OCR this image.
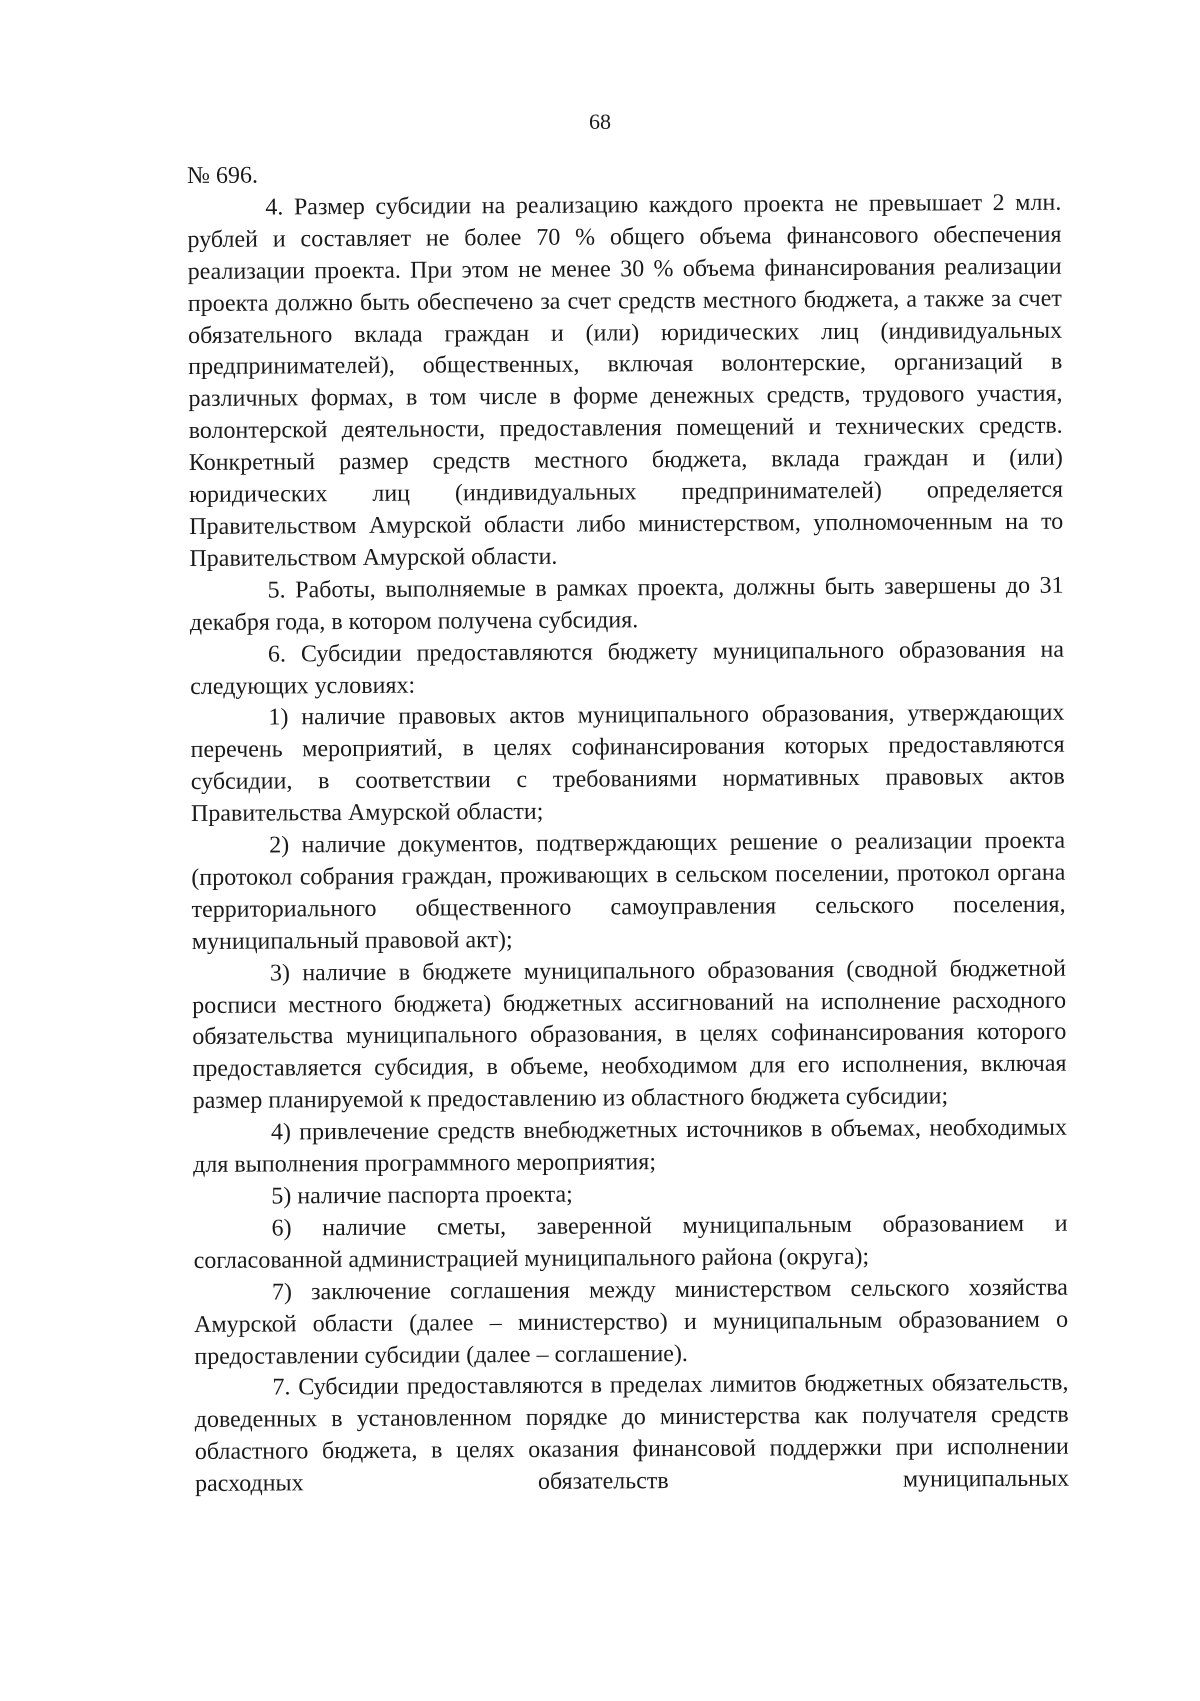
68

№ 696.

4. Размер субсидии на реализацию каждого проекта не превышает 2 млн. рублей и составляет не более 70 % общего объема финансового обеспечения реализации проекта. При этом не менее 30 % объема финансирования реализации проекта должно быть обеспечено за счет средств местного бюджета, а также за счет обязательного вклада граждан и (или) юридических лиц (индивидуальных предпринимателей), общественных, включая волонтерские, организаций в различных формах, в том числе в форме денежных средств, трудового участия, волонтерской деятельности, предоставления помещений и технических средств. Конкретный размер средств местного бюджета, вклада граждан и (или) юридических лиц (индивидуальных предпринимателей) определяется Правительством Амурской области либо министерством, уполномоченным на то Правительством Амурской области.

5. Работы, выполняемые в рамках проекта, должны быть завершены до 31 декабря года, в котором получена субсидия.

6. Субсидии предоставляются бюджету муниципального образования на следующих условиях:

1) наличие правовых актов муниципального образования, утверждающих перечень мероприятий, в целях софинансирования которых предоставляются субсидии, в соответствии с требованиями нормативных правовых актов Правительства Амурской области;

2) наличие документов, подтверждающих решение о реализации проекта (протокол собрания граждан, проживающих в сельском поселении, протокол органа территориального общественного самоуправления сельского поселения, муниципальный правовой акт);

3) наличие в бюджете муниципального образования (сводной бюджетной росписи местного бюджета) бюджетных ассигнований на исполнение расходного обязательства муниципального образования, в целях софинансирования которого предоставляется субсидия, в объеме, необходимом для его исполнения, включая размер планируемой к предоставлению из областного бюджета субсидии;

4) привлечение средств внебюджетных источников в объемах, необходимых для выполнения программного мероприятия;

5) наличие паспорта проекта;

6) наличие сметы, заверенной муниципальным образованием и согласованной администрацией муниципального района (округа);

7) заключение соглашения между министерством сельского хозяйства Амурской области (далее – министерство) и муниципальным образованием о предоставлении субсидии (далее – соглашение).

7. Субсидии предоставляются в пределах лимитов бюджетных обязательств, доведенных в установленном порядке до министерства как получателя средств областного бюджета, в целях оказания финансовой поддержки при исполнении расходных обязательств муниципальных
